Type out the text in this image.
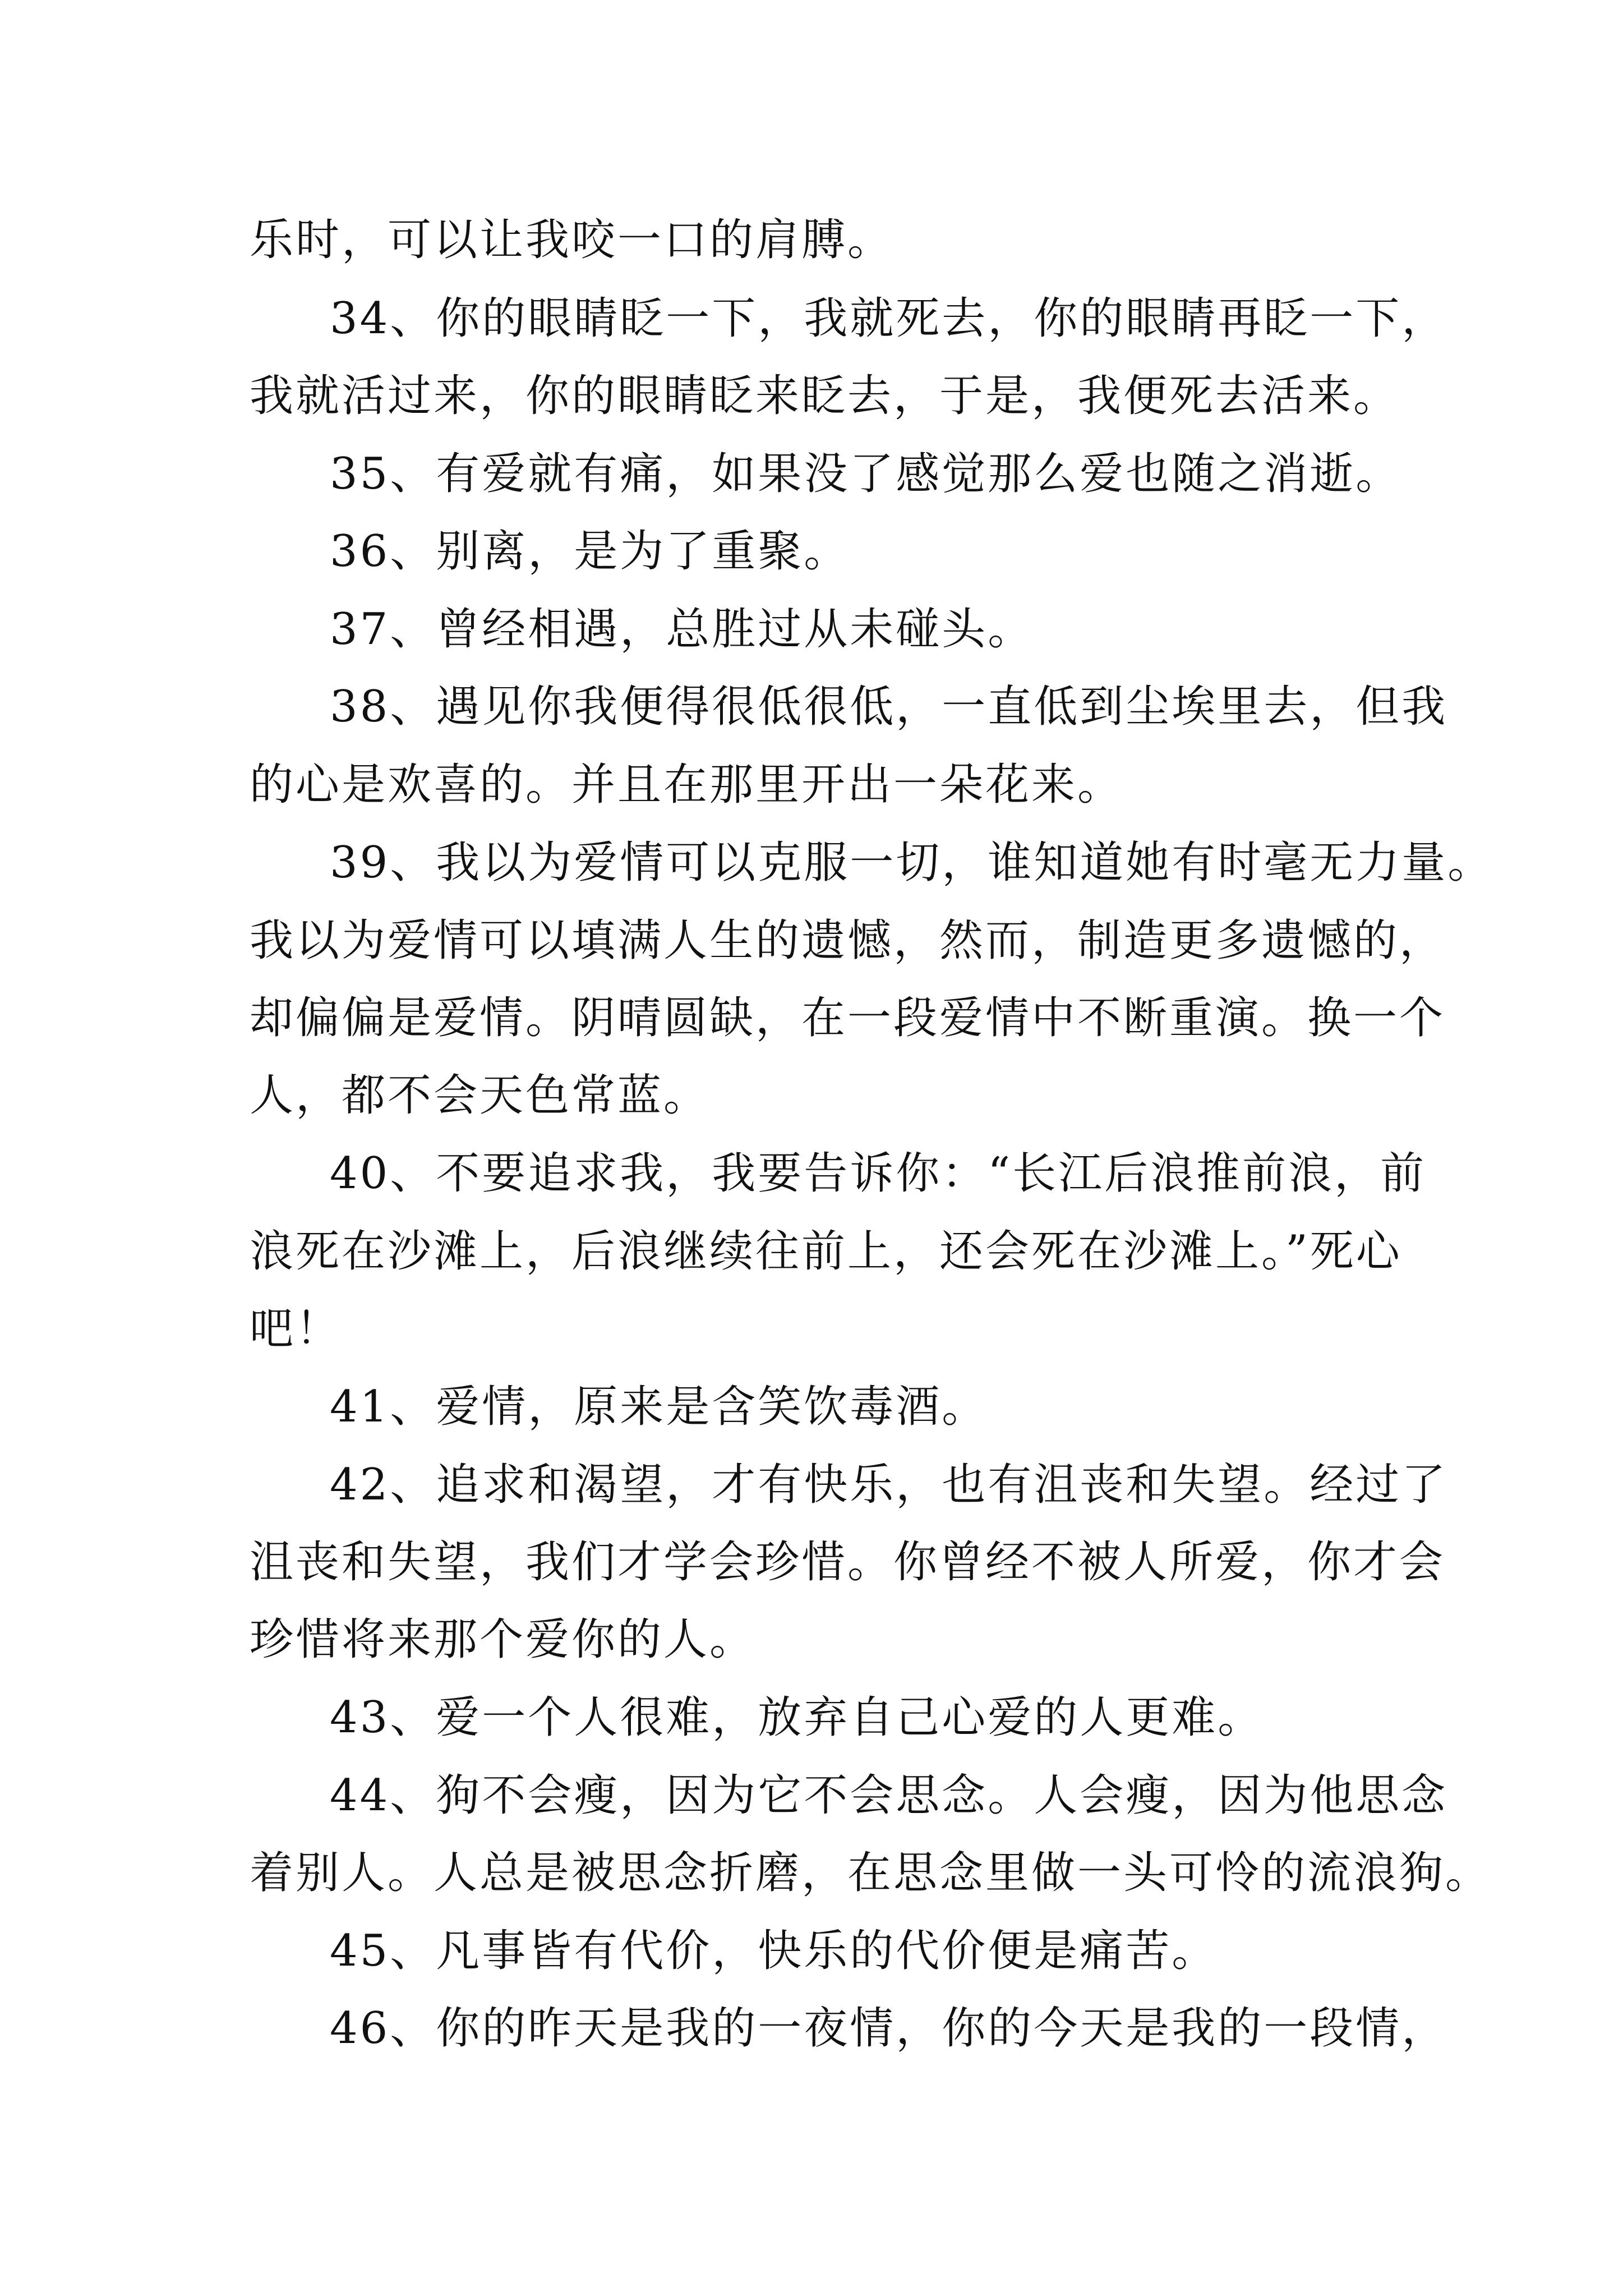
乐时，可以让我咬一口的肩膊。

34、你的眼睛眨一下，我就死去，你的眼睛再眨一下，

我就活过来，你的眼睛眨来眨去，于是，我便死去活来。

35、有爱就有痛，如果没了感觉那么爱也随之消逝。

36、别离，是为了重聚。

37、曾经相遇，总胜过从未碰头。

38、遇见你我便得很低很低，一直低到尘埃里去，但我

的心是欢喜的。并且在那里开出一朵花来。

39、我以为爱情可以克服一切，谁知道她有时毫无力量。

我以为爱情可以填满人生的遗憾，然而，制造更多遗憾的，

却偏偏是爱情。阴晴圆缺，在一段爱情中不断重演。换一个

人，都不会天色常蓝。

40、不要追求我，我要告诉你：“长江后浪推前浪，前

浪死在沙滩上，后浪继续往前上，还会死在沙滩上。”死心

吧！

41、爱情，原来是含笑饮毒酒。

42、追求和渴望，才有快乐，也有沮丧和失望。经过了

沮丧和失望，我们才学会珍惜。你曾经不被人所爱，你才会

珍惜将来那个爱你的人。

43、爱一个人很难，放弃自己心爱的人更难。

44、狗不会瘦，因为它不会思念。人会瘦，因为他思念

着别人。人总是被思念折磨，在思念里做一头可怜的流浪狗。

45、凡事皆有代价，快乐的代价便是痛苦。

46、你的昨天是我的一夜情，你的今天是我的一段情，
